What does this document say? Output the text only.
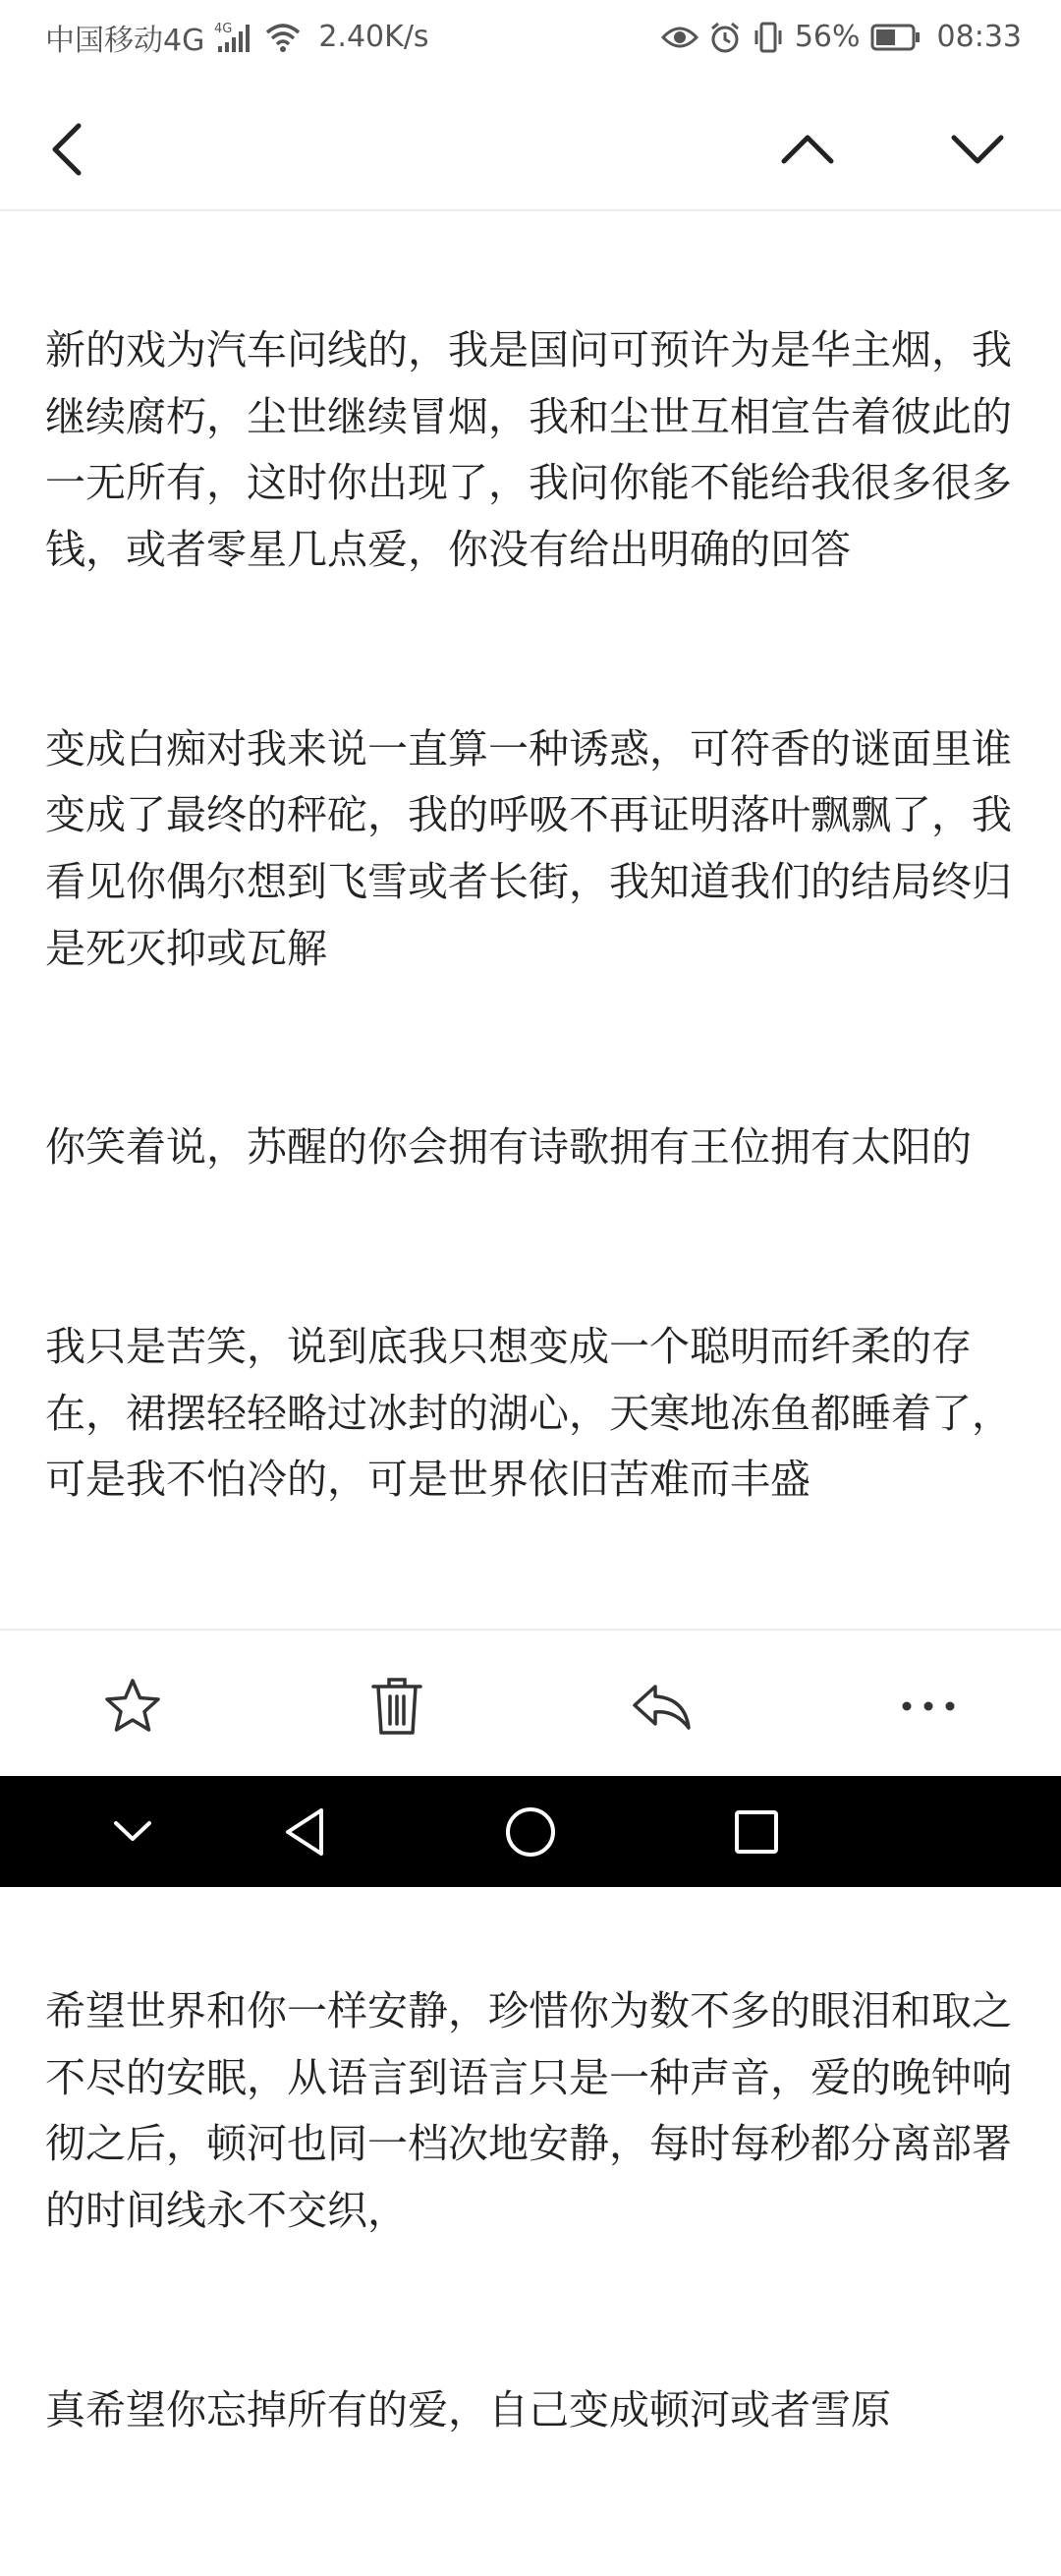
中国移动4G 4G	2.40K/s	56%	08:33

新的戏为汽车问线的，我是国问可预许为是华主烟，我继续腐朽，尘世继续冒烟，我和尘世互相宣告着彼此的一无所有，这时你出现了，我问你能不能给我很多很多钱，或者零星几点爱，你没有给出明确的回答

变成白痴对我来说一直算一种诱惑，可符香的谜面里谁变成了最终的秤砣，我的呼吸不再证明落叶飘飘了，我看见你偶尔想到飞雪或者长街，我知道我们的结局终归是死灭抑或瓦解

你笑着说，苏醒的你会拥有诗歌拥有王位拥有太阳的

我只是苦笑，说到底我只想变成一个聪明而纤柔的存在，裙摆轻轻略过冰封的湖心，天寒地冻鱼都睡着了，可是我不怕冷的，可是世界依旧苦难而丰盛

希望世界和你一样安静，珍惜你为数不多的眼泪和取之不尽的安眠，从语言到语言只是一种声音，爱的晚钟响彻之后，顿河也同一档次地安静，每时每秒都分离部署的时间线永不交织，

真希望你忘掉所有的爱，自己变成顿河或者雪原
